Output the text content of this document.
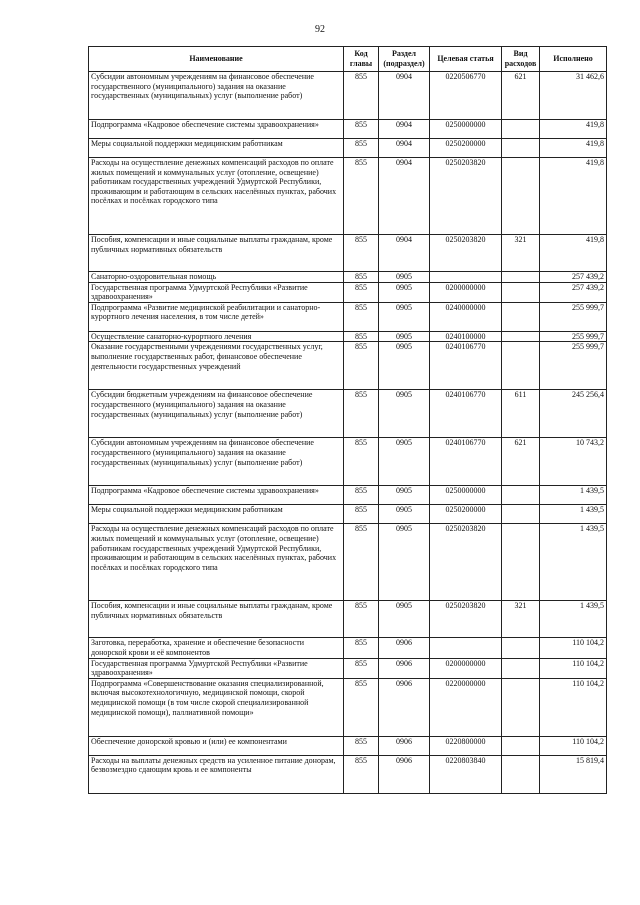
92
Наименование	Код главы	Раздел (подраздел)	Целевая статья	Вид расходов	Исполнено
Субсидии автономным учреждениям на финансовое обеспечение государственного (муниципального) задания на оказание государственных (муниципальных) услуг (выполнение работ)	855	0904	0220506770	621	31 462,6
Подпрограмма «Кадровое обеспечение системы здравоохранения»	855	0904	0250000000		419,8
Меры социальной поддержки медицинским работникам	855	0904	0250200000		419,8
Расходы на осуществление денежных компенсаций расходов по оплате жилых помещений и коммунальных услуг (отопление, освещение) работникам государственных учреждений Удмуртской Республики, проживающим и работающим в сельских населённых пунктах, рабочих посёлках и посёлках городского типа	855	0904	0250203820		419,8
Пособия, компенсации и иные социальные выплаты гражданам, кроме публичных нормативных обязательств	855	0904	0250203820	321	419,8
Санаторно-оздоровительная помощь	855	0905			257 439,2
Государственная программа Удмуртской Республики «Развитие здравоохранения»	855	0905	0200000000		257 439,2
Подпрограмма «Развитие медицинской реабилитации и санаторно-курортного лечения населения, в том числе детей»	855	0905	0240000000		255 999,7
Осуществление санаторно-курортного лечения	855	0905	0240100000		255 999,7
Оказание государственными учреждениями государственных услуг, выполнение государственных работ, финансовое обеспечение деятельности государственных учреждений	855	0905	0240106770		255 999,7
Субсидии бюджетным учреждениям на финансовое обеспечение государственного (муниципального) задания на оказание государственных (муниципальных) услуг (выполнение работ)	855	0905	0240106770	611	245 256,4
Субсидии автономным учреждениям на финансовое обеспечение государственного (муниципального) задания на оказание государственных (муниципальных) услуг (выполнение работ)	855	0905	0240106770	621	10 743,2
Подпрограмма «Кадровое обеспечение системы здравоохранения»	855	0905	0250000000		1 439,5
Меры социальной поддержки медицинским работникам	855	0905	0250200000		1 439,5
Расходы на осуществление денежных компенсаций расходов по оплате жилых помещений и коммунальных услуг (отопление, освещение) работникам государственных учреждений Удмуртской Республики, проживающим и работающим в сельских населённых пунктах, рабочих посёлках и посёлках городского типа	855	0905	0250203820		1 439,5
Пособия, компенсации и иные социальные выплаты гражданам, кроме публичных нормативных обязательств	855	0905	0250203820	321	1 439,5
Заготовка, переработка, хранение и обеспечение безопасности донорской крови и её компонентов	855	0906			110 104,2
Государственная программа Удмуртской Республики «Развитие здравоохранения»	855	0906	0200000000		110 104,2
Подпрограмма «Совершенствование оказания специализированной, включая высокотехнологичную, медицинской помощи, скорой медицинской помощи (в том числе скорой специализированной медицинской помощи), паллиативной помощи»	855	0906	0220000000		110 104,2
Обеспечение донорской кровью и (или) ее компонентами	855	0906	0220800000		110 104,2
Расходы на выплаты денежных средств на усиленное питание донорам, безвозмездно сдающим кровь и ее компоненты	855	0906	0220803840		15 819,4
